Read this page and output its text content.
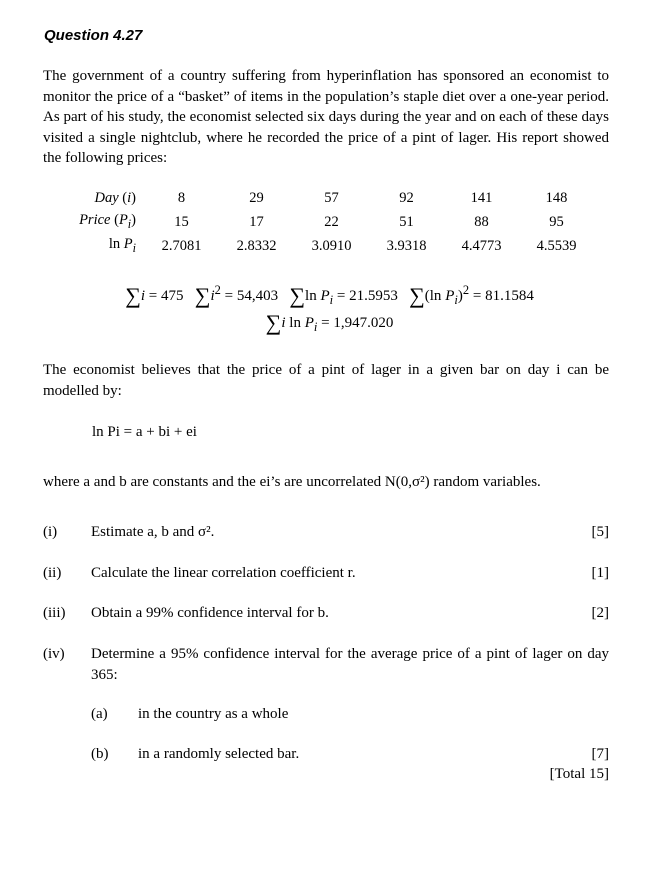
Question 4.27

The government of a country suffering from hyperinflation has sponsored an economist to monitor the price of a “basket” of items in the population’s staple diet over a one-year period. As part of his study, the economist selected six days during the year and on each of these days visited a single nightclub, where he recorded the price of a pint of lager. His report showed the following prices:

Day (i)	8	29	57	92	141	148
Price $(P_i)$	15	17	22	51	88	95
$\ln P_i$	2.7081	2.8332	3.0910	3.9318	4.4773	4.5539
∑i = 475 $\sum i^2 = 54,403$ ∑ln $P_i = 21.5953$ ∑(ln $P_i)^2 = 81.1584$
∑i $\ln P_i = 1,947.020$

The economist believes that the price of a pint of lager in a given bar on day i can be modelled by:

ln Pi = a + bi + ei

where a and b are constants and the ei’s are uncorrelated N(0,σ²) random variables.

(i) Estimate a, b and σ².	[5]
(ii) Calculate the linear correlation coefficient r.	[1]
(iii) Obtain a 99% confidence interval for b.	[2]
(iv) Determine a 95% confidence interval for the average price of a pint of lager on day 365:
(a) in the country as a whole
(b) in a randomly selected bar.	[7]
[Total 15]
